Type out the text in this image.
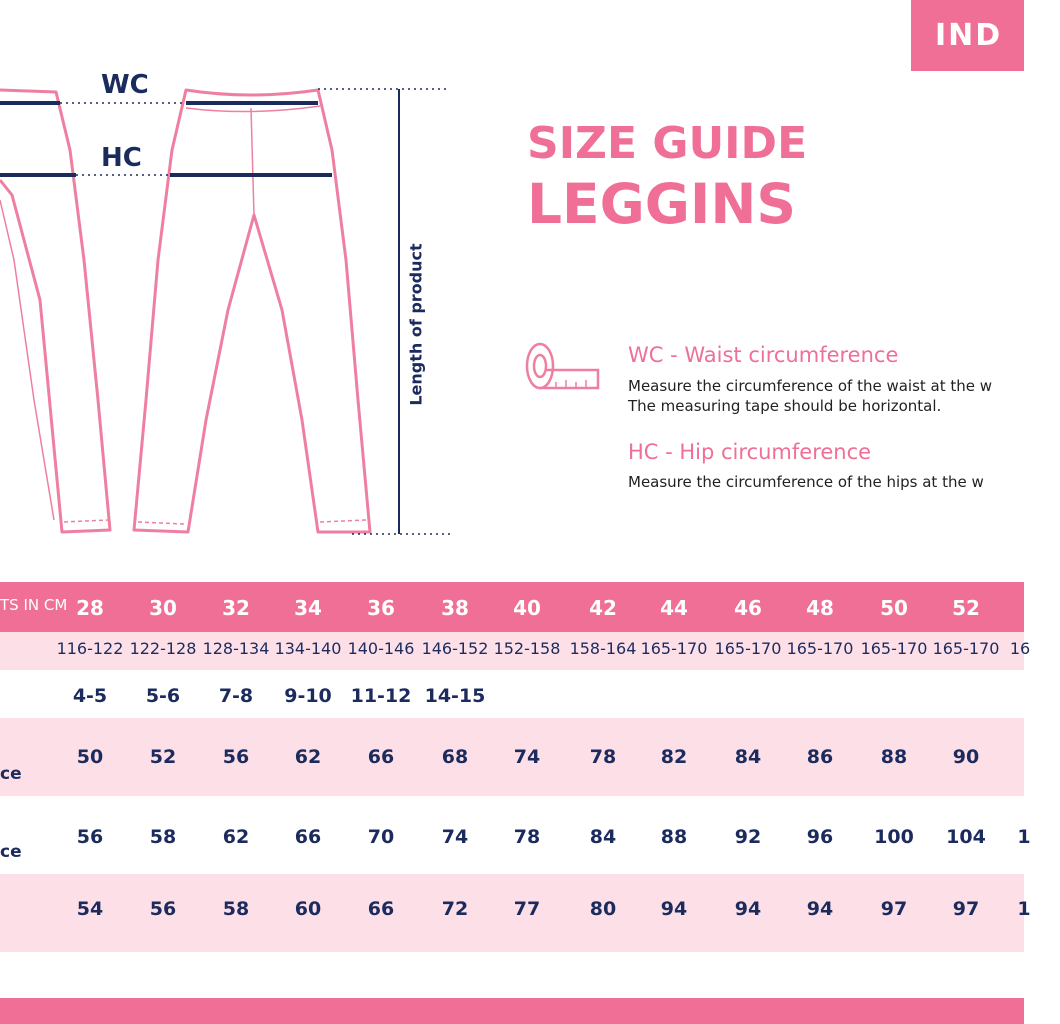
WC
HC
Length of product
IND
SIZE GUIDE
LEGGINS
WC - Waist circumference
Measure the circumference of the waist at the w
The measuring tape should be horizontal.
HC - Hip circumference
Measure the circumference of the hips at the w
TS IN CM 28	30	32	34	36	38	40	42	44	46	48	50	52
116-122 122-128 128-134 134-140 140-146 146-152 152-158 158-164 165-170 165-170 165-170 165-170 165-170 16
4-5	5-6	7-8	9-10 11-12 14-15
ce
50	52	56	62	66	68	74	78	82	84	86	88	90
ce
56	58	62	66	70	74	78	84	88	92	96	100	104	1
54	56	58	60	66	72	77	80	94	94	94	97	97	1
